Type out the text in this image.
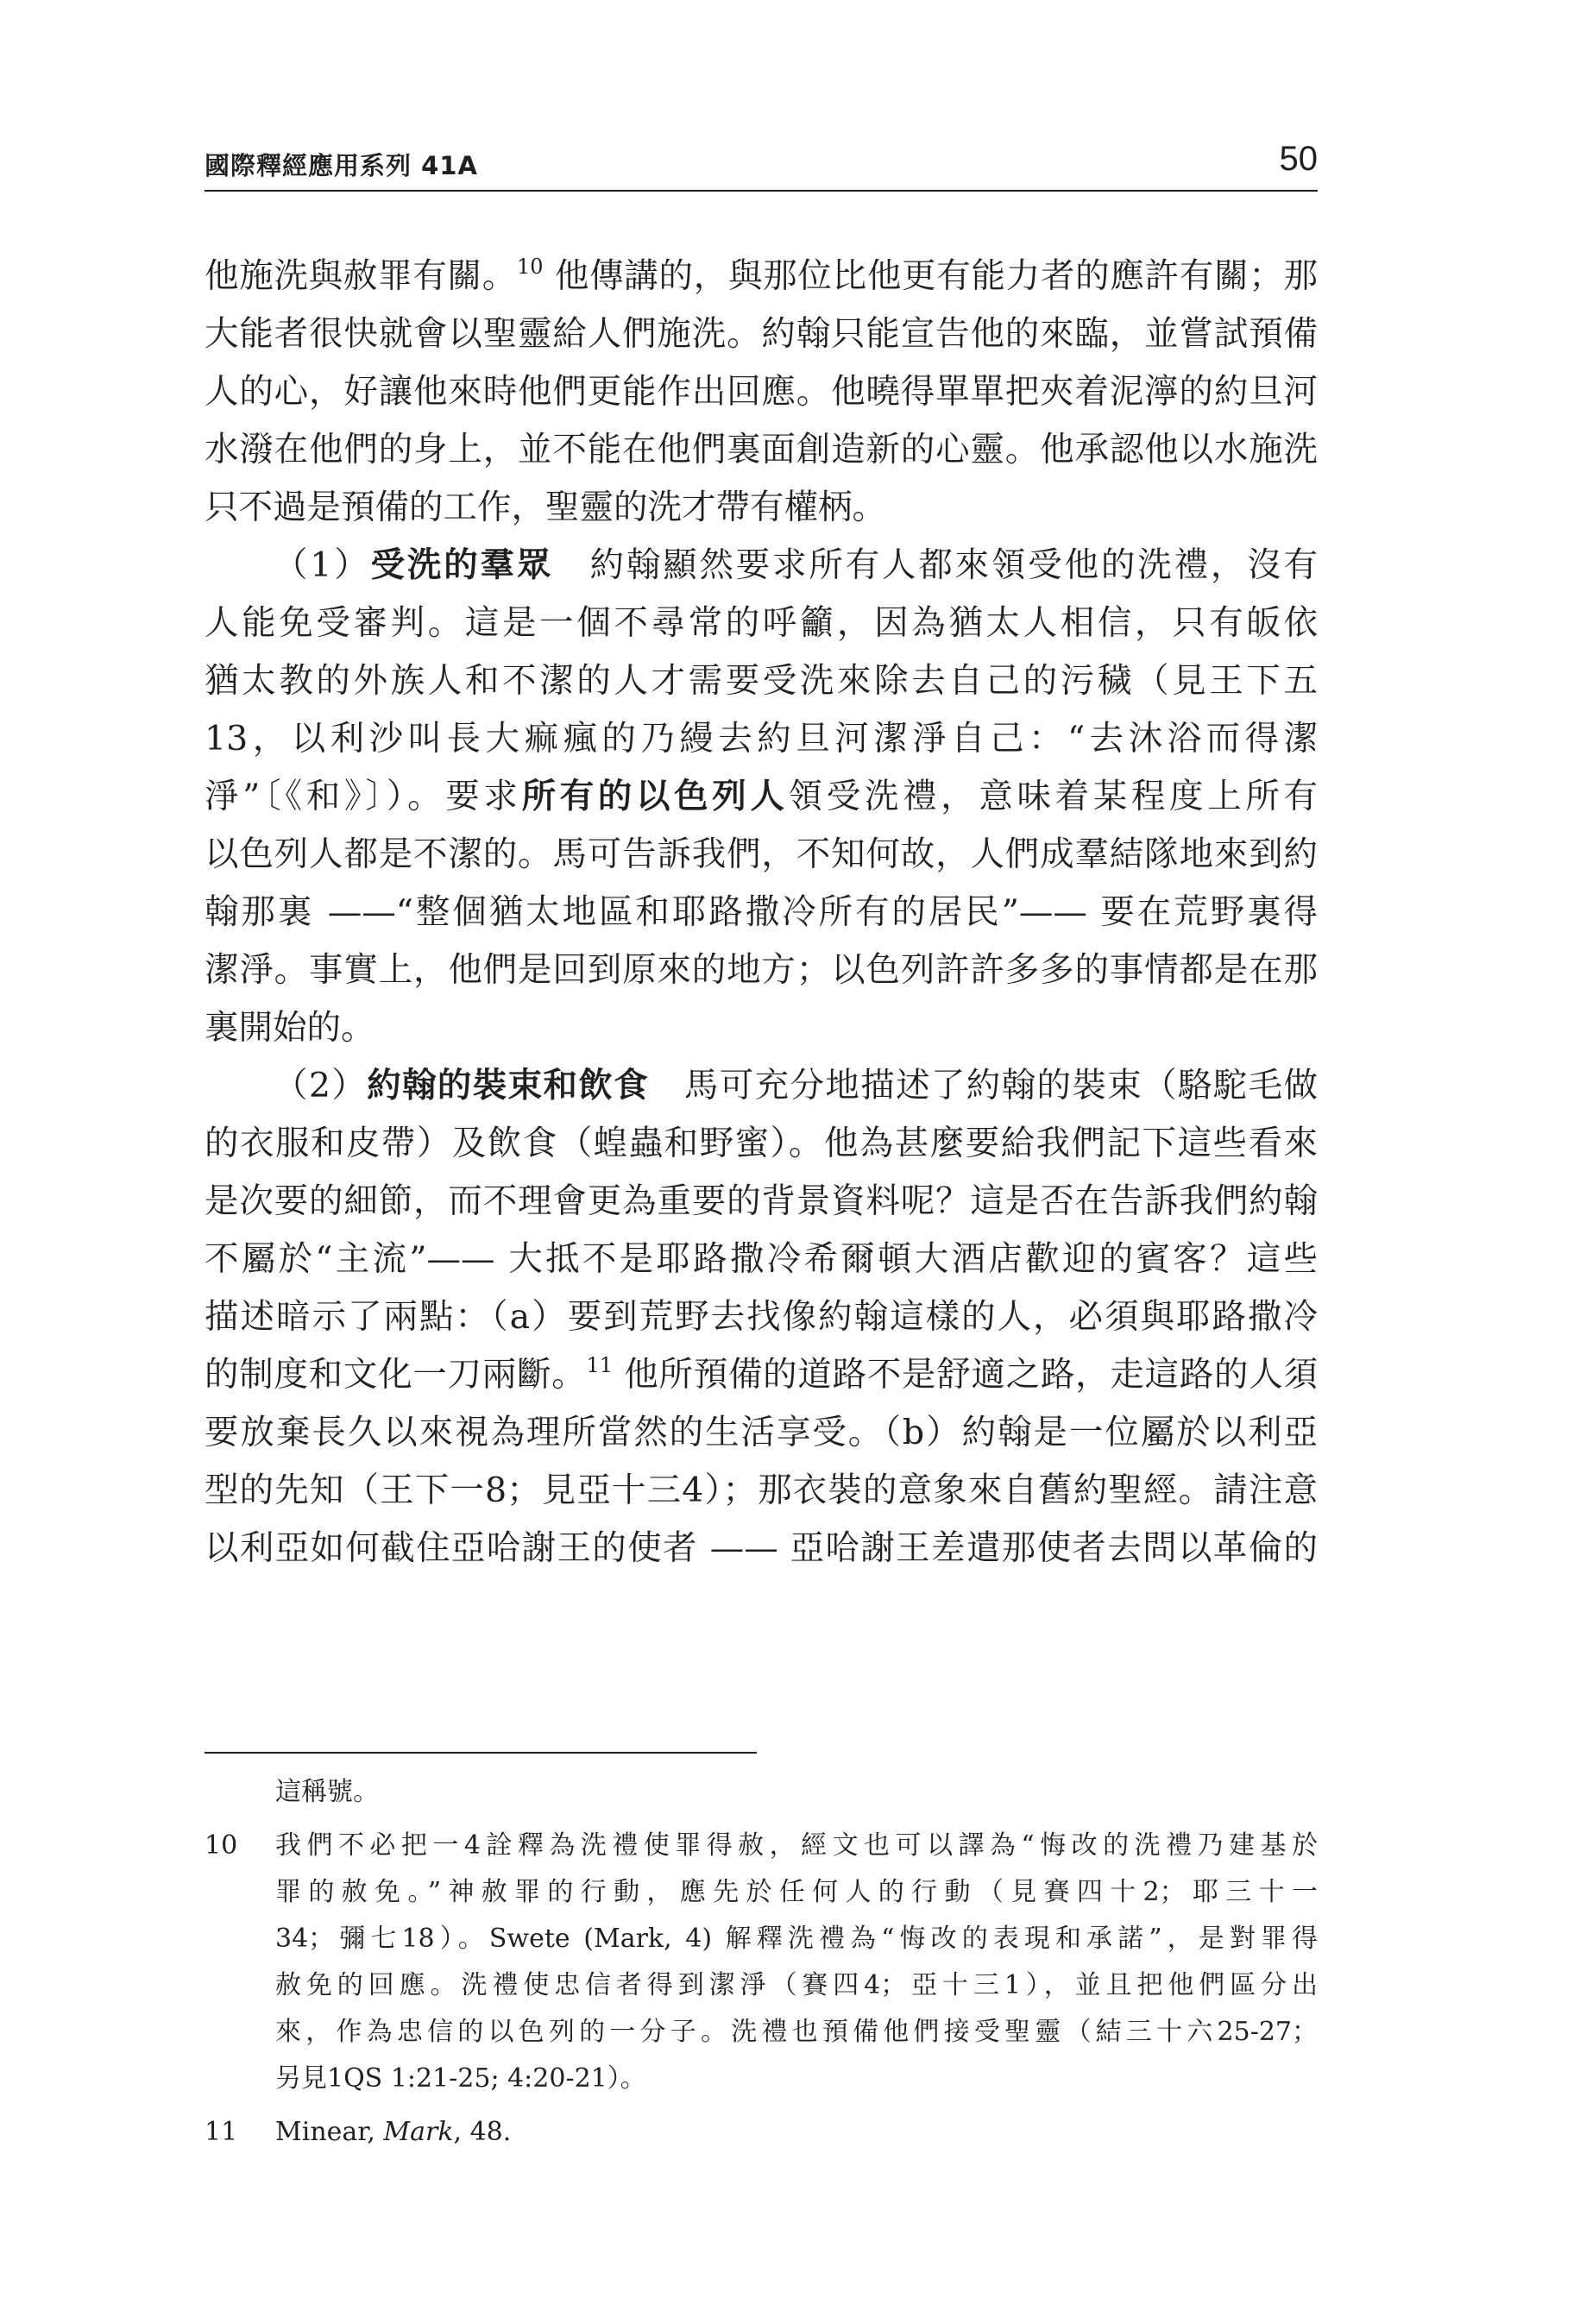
國際釋經應用系列 41A	50
他施洗與赦罪有關。$^{10}$ 他傳講的，與那位比他更有能力者的應許有關；那
大能者很快就會以聖靈給人們施洗。約翰只能宣告他的來臨，並嘗試預備
人的心，好讓他來時他們更能作出回應。他曉得單單把夾着泥濘的約旦河
水潑在他們的身上，並不能在他們裏面創造新的心靈。他承認他以水施洗
只不過是預備的工作，聖靈的洗才帶有權柄。
（1）受洗的羣眾　約翰顯然要求所有人都來領受他的洗禮，沒有
人能免受審判。這是一個不尋常的呼籲，因為猶太人相信，只有皈依
猶太教的外族人和不潔的人才需要受洗來除去自己的污穢（見王下五
13，以利沙叫長大痲瘋的乃縵去約旦河潔淨自己：“去沐浴而得潔
淨”〔《和》〕）。要求所有的以色列人領受洗禮，意味着某程度上所有
以色列人都是不潔的。馬可告訴我們，不知何故，人們成羣結隊地來到約
翰那裏 ——“整個猶太地區和耶路撒冷所有的居民”—— 要在荒野裏得
潔淨。事實上，他們是回到原來的地方；以色列許許多多的事情都是在那
裏開始的。
（2）約翰的裝束和飲食　馬可充分地描述了約翰的裝束（駱駝毛做
的衣服和皮帶）及飲食（蝗蟲和野蜜）。他為甚麼要給我們記下這些看來
是次要的細節，而不理會更為重要的背景資料呢？這是否在告訴我們約翰
不屬於“主流”—— 大抵不是耶路撒冷希爾頓大酒店歡迎的賓客？這些
描述暗示了兩點：（a）要到荒野去找像約翰這樣的人，必須與耶路撒冷
的制度和文化一刀兩斷。$^{11}$ 他所預備的道路不是舒適之路，走這路的人須
要放棄長久以來視為理所當然的生活享受。（b）約翰是一位屬於以利亞
型的先知（王下一8；見亞十三4）；那衣裝的意象來自舊約聖經。請注意
以利亞如何截住亞哈謝王的使者 —— 亞哈謝王差遣那使者去問以革倫的
這稱號。
10 我們不必把一4詮釋為洗禮使罪得赦，經文也可以譯為“悔改的洗禮乃建基於
罪的赦免。”神赦罪的行動，應先於任何人的行動（見賽四十2；耶三十一
34；彌七18）。Swete (Mark, 4) 解釋洗禮為“悔改的表現和承諾”，是對罪得
赦免的回應。洗禮使忠信者得到潔淨（賽四4；亞十三1），並且把他們區分出
來，作為忠信的以色列的一分子。洗禮也預備他們接受聖靈（結三十六25-27；
另見1QS 1:21-25; 4:20-21）。
11 Minear, Mark, 48.
